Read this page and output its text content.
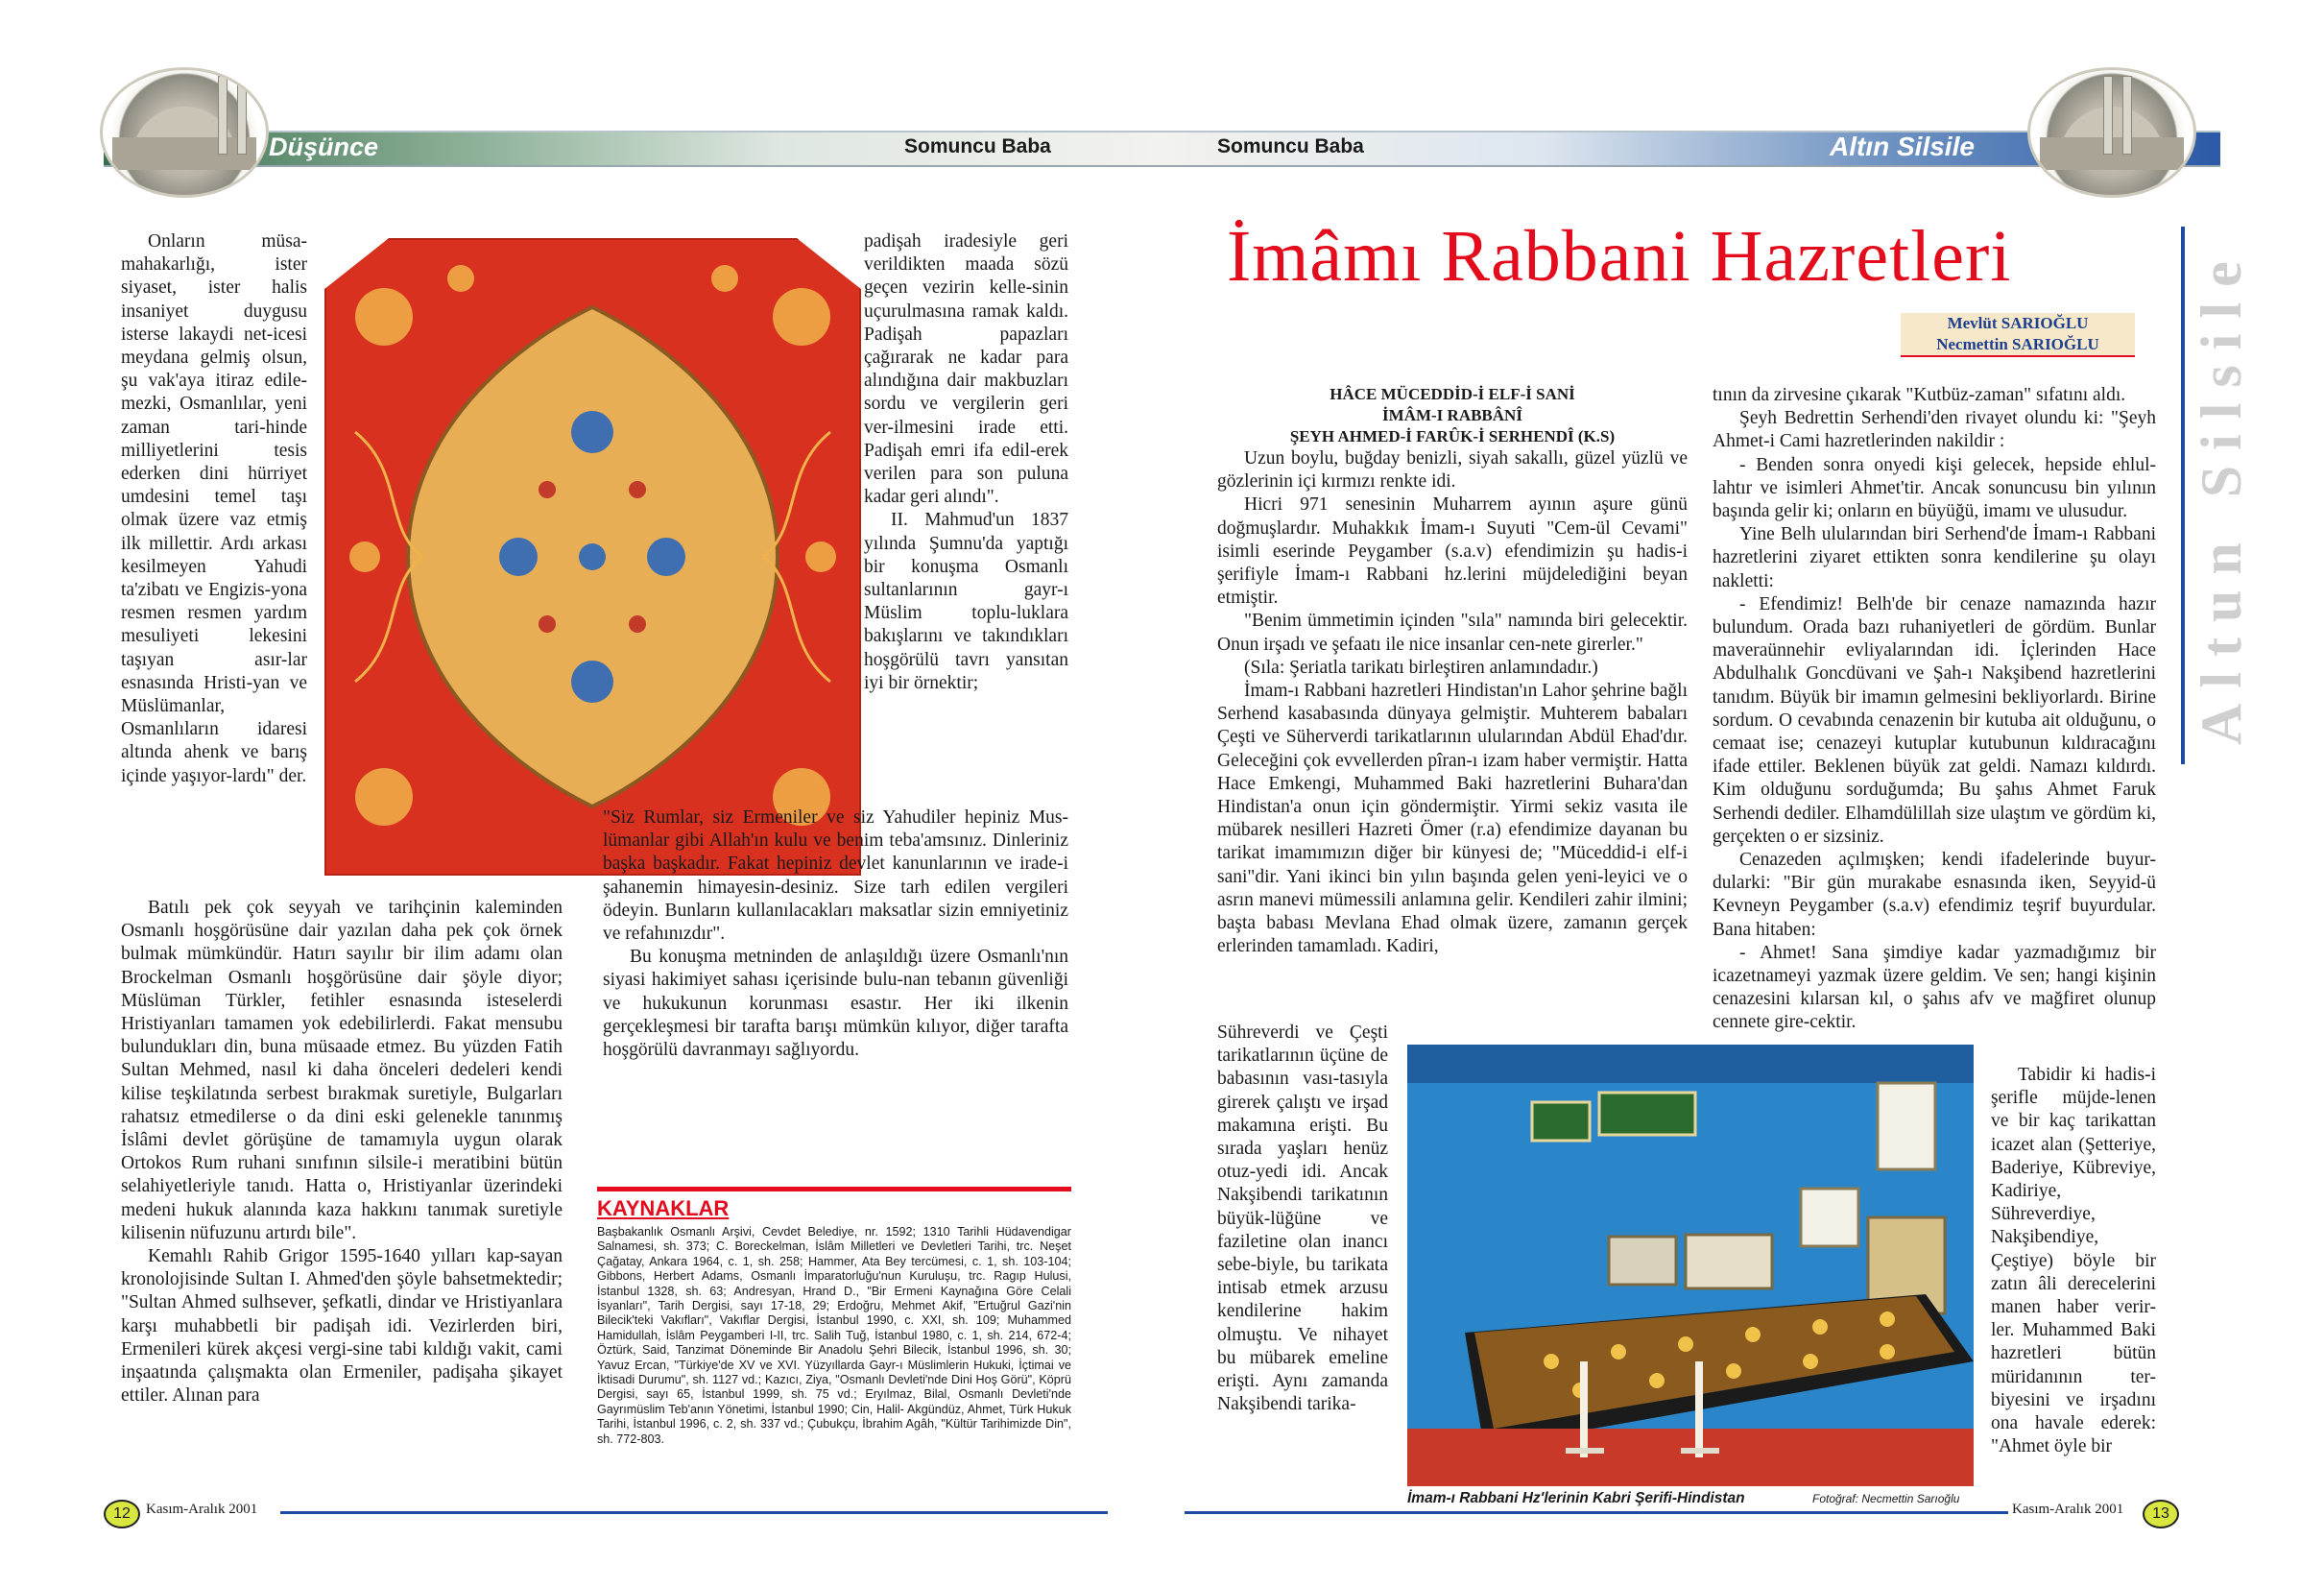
Düşünce	Somuncu Baba	Somuncu Baba	Altın Silsile

Onların müsa-mahakarlığı, ister siyaset, ister halis insaniyet duygusu isterse lakaydi net-icesi meydana gelmiş olsun, şu vak'aya itiraz edile-mezki, Osmanlılar, yeni zaman tari-hinde milliyetlerini tesis ederken dini hürriyet umdesini temel taşı olmak üzere vaz etmiş ilk millettir. Ardı arkası kesilmeyen Yahudi ta'zibatı ve Engizis-yona resmen resmen yardım mesuliyeti lekesini taşıyan asır-lar esnasında Hristi-yan ve Müslümanlar, Osmanlıların idaresi altında ahenk ve barış içinde yaşıyor-lardı" der.

Batılı pek çok seyyah ve tarihçinin kaleminden Osmanlı hoşgörüsüne dair yazılan daha pek çok örnek bulmak mümkündür. Hatırı sayılır bir ilim adamı olan Brockelman Osmanlı hoşgörüsüne dair şöyle diyor; Müslüman Türkler, fetihler esnasında isteselerdi Hristiyanları tamamen yok edebilirlerdi. Fakat mensubu bulundukları din, buna müsaade etmez. Bu yüzden Fatih Sultan Mehmed, nasıl ki daha önceleri dedeleri kendi kilise teşkilatında serbest bırakmak suretiyle, Bulgarları rahatsız etmedilerse o da dini eski gelenekle tanınmış İslâmi devlet görüşüne de tamamıyla uygun olarak Ortokos Rum ruhani sınıfının silsile-i meratibini bütün selahiyetleriyle tanıdı. Hatta o, Hristiyanlar üzerindeki medeni hukuk alanında kaza hakkını tanımak suretiyle kilisenin nüfuzunu artırdı bile".

Kemahlı Rahib Grigor 1595-1640 yılları kap-sayan kronolojisinde Sultan I. Ahmed'den şöyle bahsetmektedir; "Sultan Ahmed sulhsever, şefkatli, dindar ve Hristiyanlara karşı muhabbetli bir padişah idi. Vezirlerden biri, Ermenileri kürek akçesi vergi-sine tabi kıldığı vakit, cami inşaatında çalışmakta olan Ermeniler, padişaha şikayet ettiler. Alınan para

padişah iradesiyle geri verildikten maada sözü geçen vezirin kelle-sinin uçurulmasına ramak kaldı. Padişah papazları çağırarak ne kadar para alındığına dair makbuzları sordu ve vergilerin geri ver-ilmesini irade etti. Padişah emri ifa edil-erek verilen para son puluna kadar geri alındı".

II. Mahmud'un 1837 yılında Şumnu'da yaptığı bir konuşma Osmanlı sultanlarının gayr-ı Müslim toplu-luklara bakışlarını ve takındıkları hoşgörülü tavrı yansıtan iyi bir örnektir;

"Siz Rumlar, siz Ermeniler ve siz Yahudiler hepiniz Mus-lümanlar gibi Allah'ın kulu ve benim teba'amsınız. Dinleriniz başka başkadır. Fakat hepiniz devlet kanunlarının ve irade-i şahanemin himayesin-desiniz. Size tarh edilen vergileri ödeyin. Bunların kullanılacakları maksatlar sizin emniyetiniz ve refahınızdır".

Bu konuşma metninden de anlaşıldığı üzere Osmanlı'nın siyasi hakimiyet sahası içerisinde bulu-nan tebanın güvenliği ve hukukunun korunması esastır. Her iki ilkenin gerçekleşmesi bir tarafta barışı mümkün kılıyor, diğer tarafta hoşgörülü davranmayı sağlıyordu.

KAYNAKLAR
Başbakanlık Osmanlı Arşivi, Cevdet Belediye, nr. 1592; 1310 Tarihli Hüdavendigar Salnamesi, sh. 373; C. Boreckelman, İslâm Milletleri ve Devletleri Tarihi, trc. Neşet Çağatay, Ankara 1964, c. 1, sh. 258; Hammer, Ata Bey tercümesi, c. 1, sh. 103-104; Gibbons, Herbert Adams, Osmanlı İmparatorluğu'nun Kuruluşu, trc. Ragıp Hulusi, İstanbul 1328, sh. 63; Andresyan, Hrand D., "Bir Ermeni Kaynağına Göre Celali İsyanları", Tarih Dergisi, sayı 17-18, 29; Erdoğru, Mehmet Akif, "Ertuğrul Gazi'nin Bilecik'teki Vakıfları", Vakıflar Dergisi, İstanbul 1990, c. XXI, sh. 109; Muhammed Hamidullah, İslâm Peygamberi I-II, trc. Salih Tuğ, İstanbul 1980, c. 1, sh. 214, 672-4; Öztürk, Said, Tanzimat Döneminde Bir Anadolu Şehri Bilecik, İstanbul 1996, sh. 30; Yavuz Ercan, "Türkiye'de XV ve XVI. Yüzyıllarda Gayr-ı Müslimlerin Hukuki, İçtimai ve İktisadi Durumu", sh. 1127 vd.; Kazıcı, Ziya, "Osmanlı Devleti'nde Dini Hoş Görü", Köprü Dergisi, sayı 65, İstanbul 1999, sh. 75 vd.; Eryılmaz, Bilal, Osmanlı Devleti'nde Gayrımüslim Teb'anın Yönetimi, İstanbul 1990; Cin, Halil- Akgündüz, Ahmet, Türk Hukuk Tarihi, İstanbul 1996, c. 2, sh. 337 vd.; Çubukçu, İbrahim Agâh, "Kültür Tarihimizde Din", sh. 772-803.
12	Kasım-Aralık 2001
İmâmı Rabbani Hazretleri
Mevlüt SARIOĞLU
Necmettin SARIOĞLU	Altun Silsile
HÂCE MÜCEDDİD-İ ELF-İ SANİ
İMÂM-I RABBÂNÎ
ŞEYH AHMED-İ FARÛK-İ SERHENDÎ (K.S)

Uzun boylu, buğday benizli, siyah sakallı, güzel yüzlü ve gözlerinin içi kırmızı renkte idi.

Hicri 971 senesinin Muharrem ayının aşure günü doğmuşlardır. Muhakkık İmam-ı Suyuti "Cem-ül Cevami" isimli eserinde Peygamber (s.a.v) efendimizin şu hadis-i şerifiyle İmam-ı Rabbani hz.lerini müjdelediğini beyan etmiştir.

"Benim ümmetimin içinden "sıla" namında biri gelecektir. Onun irşadı ve şefaatı ile nice insanlar cen-nete girerler."

(Sıla: Şeriatla tarikatı birleştiren anlamındadır.)

İmam-ı Rabbani hazretleri Hindistan'ın Lahor şehrine bağlı Serhend kasabasında dünyaya gelmiştir. Muhterem babaları Çeşti ve Süherverdi tarikatlarının ulularından Abdül Ehad'dır. Geleceğini çok evvellerden pîran-ı izam haber vermiştir. Hatta Hace Emkengi, Muhammed Baki hazretlerini Buhara'dan Hindistan'a onun için göndermiştir. Yirmi sekiz vasıta ile mübarek nesilleri Hazreti Ömer (r.a) efendimize dayanan bu tarikat imamımızın diğer bir künyesi de; "Müceddid-i elf-i sani"dir. Yani ikinci bin yılın başında gelen yeni-leyici ve o asrın manevi mümessili anlamına gelir. Kendileri zahir ilmini; başta babası Mevlana Ehad olmak üzere, zamanın gerçek erlerinden tamamladı. Kadiri,

Sühreverdi ve Çeşti tarikatlarının üçüne de babasının vası-tasıyla girerek çalıştı ve irşad makamına erişti. Bu sırada yaşları henüz otuz-yedi idi. Ancak Nakşibendi tarikatının büyük-lüğüne ve faziletine olan inancı sebe-biyle, bu tarikata intisab etmek arzusu kendilerine hakim olmuştu. Ve nihayet bu mübarek emeline erişti. Aynı zamanda Nakşibendi tarika-

tının da zirvesine çıkarak "Kutbüz-zaman" sıfatını aldı.

Şeyh Bedrettin Serhendi'den rivayet olundu ki: "Şeyh Ahmet-i Cami hazretlerinden nakildir :

- Benden sonra onyedi kişi gelecek, hepside ehlul-lahtır ve isimleri Ahmet'tir. Ancak sonuncusu bin yılının başında gelir ki; onların en büyüğü, imamı ve ulusudur.

Yine Belh ulularından biri Serhend'de İmam-ı Rabbani hazretlerini ziyaret ettikten sonra kendilerine şu olayı nakletti:

- Efendimiz! Belh'de bir cenaze namazında hazır bulundum. Orada bazı ruhaniyetleri de gördüm. Bunlar maveraünnehir evliyalarından idi. İçlerinden Hace Abdulhalık Goncdüvani ve Şah-ı Nakşibend hazretlerini tanıdım. Büyük bir imamın gelmesini bekliyorlardı. Birine sordum. O cevabında cenazenin bir kutuba ait olduğunu, o cemaat ise; cenazeyi kutuplar kutubunun kıldıracağını ifade ettiler. Beklenen büyük zat geldi. Namazı kıldırdı. Kim olduğunu sorduğumda; Bu şahıs Ahmet Faruk Serhendi dediler. Elhamdülillah size ulaştım ve gördüm ki, gerçekten o er sizsiniz.

Cenazeden açılmışken; kendi ifadelerinde buyur-dularki: "Bir gün murakabe esnasında iken, Seyyid-ü Kevneyn Peygamber (s.a.v) efendimiz teşrif buyurdular. Bana hitaben:

- Ahmet! Sana şimdiye kadar yazmadığımız bir icazetnameyi yazmak üzere geldim. Ve sen; hangi kişinin cenazesini kılarsan kıl, o şahıs afv ve mağfiret olunup cennete gire-cektir.

Tabidir ki hadis-i şerifle müjde-lenen ve bir kaç tarikattan icazet alan (Şetteriye, Baderiye, Kübreviye, Kadiriye, Sühreverdiye, Nakşibendiye, Çeştiye) böyle bir zatın âli derecelerini manen haber verir-ler. Muhammed Baki hazretleri bütün müridanının ter-biyesini ve irşadını ona havale ederek: "Ahmet öyle bir

İmam-ı Rabbani Hz'lerinin Kabri Şerifi-Hindistan	Fotoğraf: Necmettin Sarıoğlu
Kasım-Aralık 2001	13
